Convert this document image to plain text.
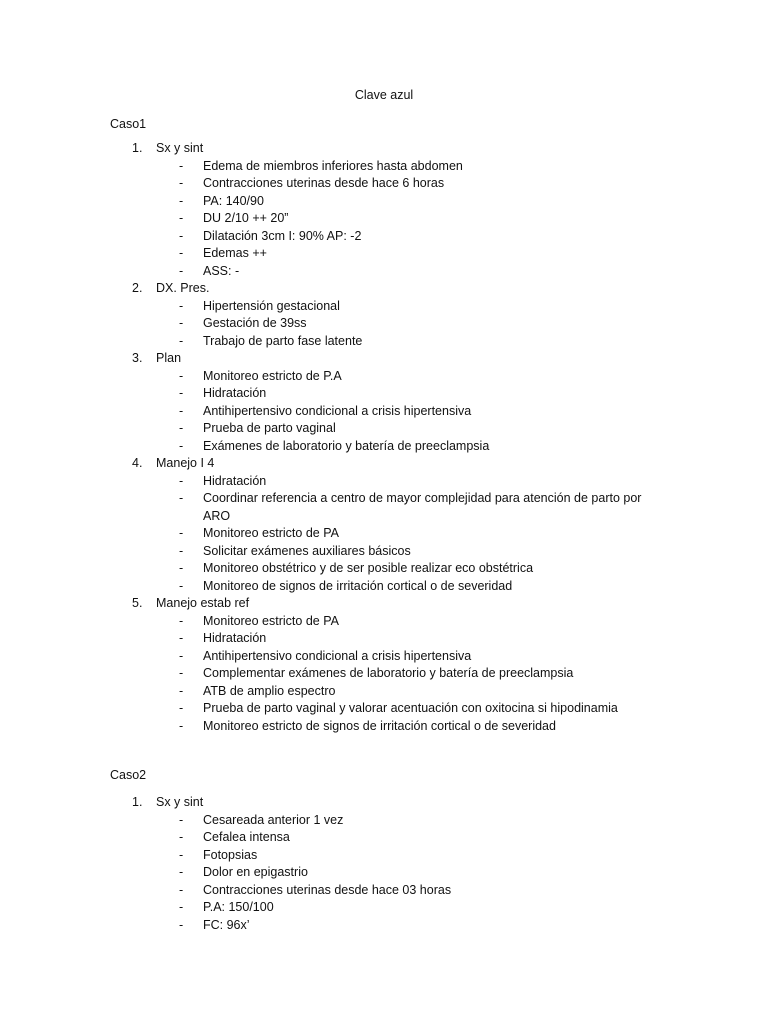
Clave azul
Caso1
1.	Sx y sint
- Edema de miembros inferiores hasta abdomen
- Contracciones uterinas desde hace 6 horas
- PA: 140/90
- DU 2/10 ++ 20”
- Dilatación 3cm I: 90% AP: -2
- Edemas ++
- ASS: -
2.	DX. Pres.
- Hipertensión gestacional
- Gestación de 39ss
- Trabajo de parto fase latente
3.	Plan
- Monitoreo estricto de P.A
- Hidratación
- Antihipertensivo condicional a crisis hipertensiva
- Prueba de parto vaginal
- Exámenes de laboratorio y batería de preeclampsia
4.	Manejo I 4
- Hidratación
- Coordinar referencia a centro de mayor complejidad para atención de parto por ARO
- Monitoreo estricto de PA
- Solicitar exámenes auxiliares básicos
- Monitoreo obstétrico y de ser posible realizar eco obstétrica
- Monitoreo de signos de irritación cortical o de severidad
5.	Manejo estab ref
- Monitoreo estricto de PA
- Hidratación
- Antihipertensivo condicional a crisis hipertensiva
- Complementar exámenes de laboratorio y batería de preeclampsia
- ATB de amplio espectro
- Prueba de parto vaginal y valorar acentuación con oxitocina si hipodinamia
- Monitoreo estricto de signos de irritación cortical o de severidad
Caso2
1.	Sx y sint
- Cesareada anterior 1 vez
- Cefalea intensa
- Fotopsias
- Dolor en epigastrio
- Contracciones uterinas desde hace 03 horas
- P.A: 150/100
- FC: 96x’
